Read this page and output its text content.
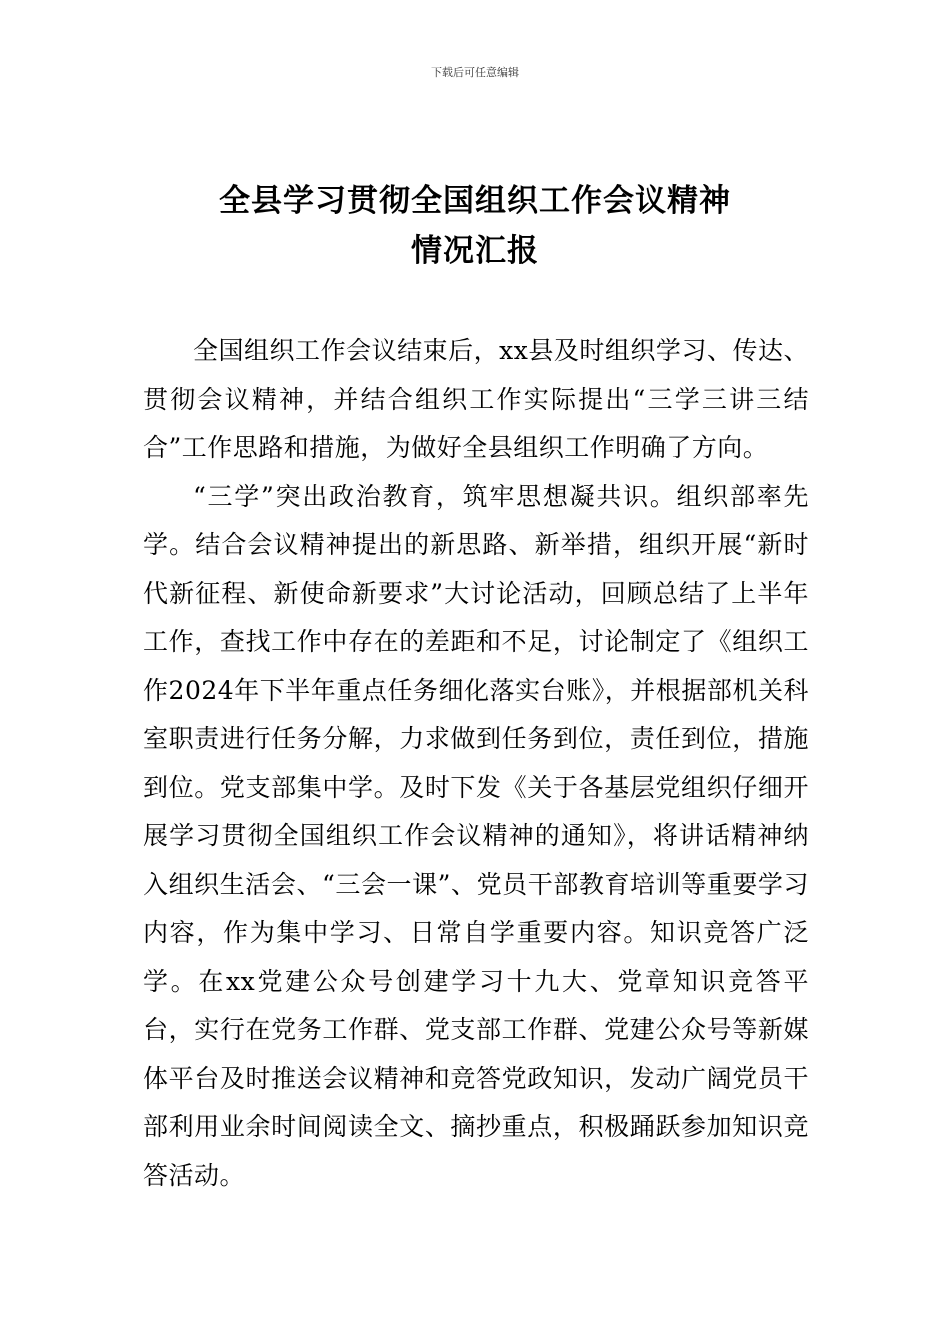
下载后可任意编辑
全县学习贯彻全国组织工作会议精神
情况汇报

全国组织工作会议结束后，xx县及时组织学习、传达、贯彻会议精神，并结合组织工作实际提出“三学三讲三结合”工作思路和措施，为做好全县组织工作明确了方向。

“三学”突出政治教育，筑牢思想凝共识。组织部率先学。结合会议精神提出的新思路、新举措，组织开展“新时代新征程、新使命新要求”大讨论活动，回顾总结了上半年工作，查找工作中存在的差距和不足，讨论制定了《组织工作2024年下半年重点任务细化落实台账》，并根据部机关科室职责进行任务分解，力求做到任务到位，责任到位，措施到位。党支部集中学。及时下发《关于各基层党组织仔细开展学习贯彻全国组织工作会议精神的通知》，将讲话精神纳入组织生活会、“三会一课”、党员干部教育培训等重要学习内容，作为集中学习、日常自学重要内容。知识竞答广泛学。在xx党建公众号创建学习十九大、党章知识竞答平台，实行在党务工作群、党支部工作群、党建公众号等新媒体平台及时推送会议精神和竞答党政知识，发动广阔党员干部利用业余时间阅读全文、摘抄重点，积极踊跃参加知识竞答活动。
